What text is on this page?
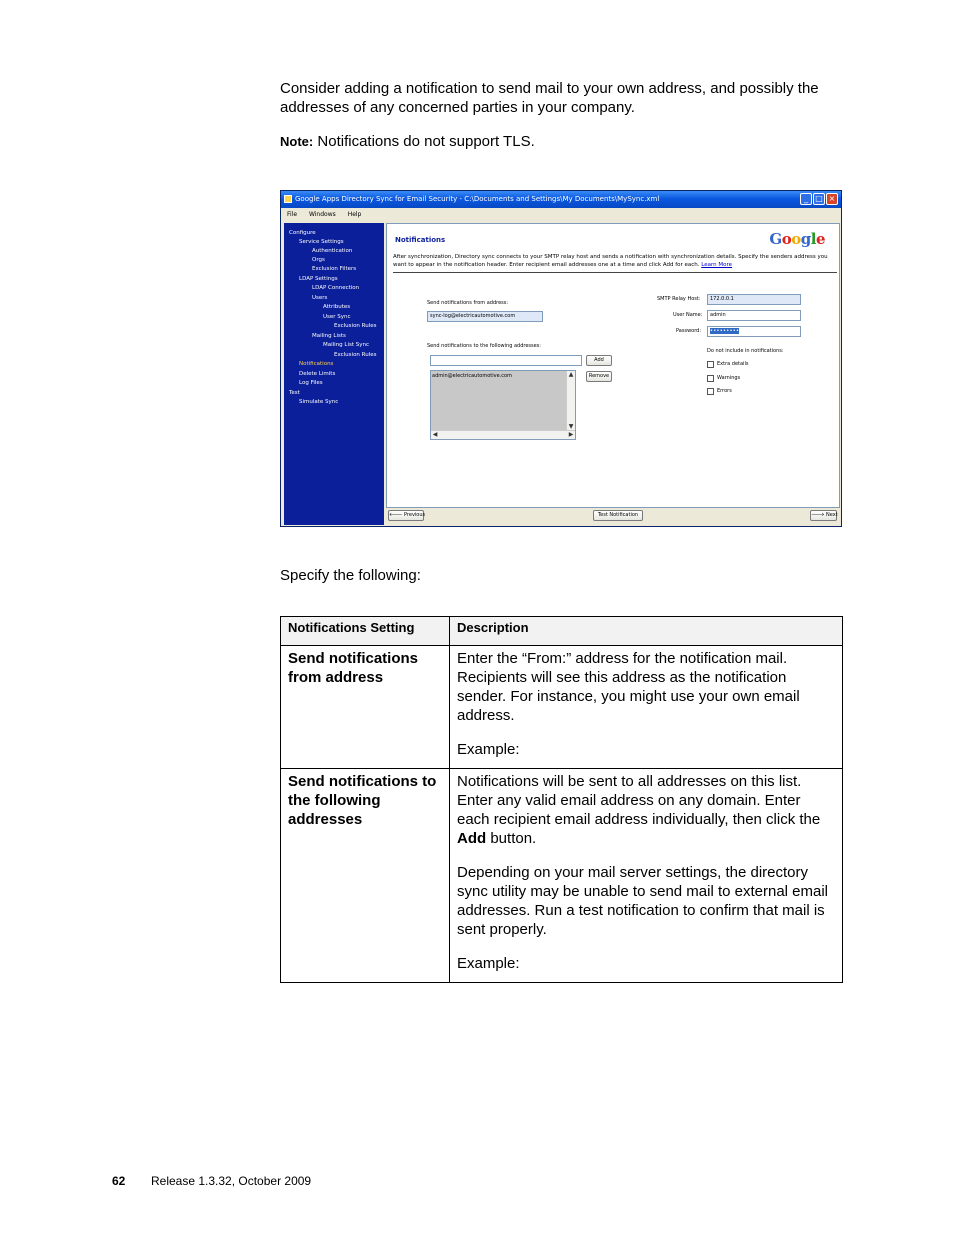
Consider adding a notification to send mail to your own address, and possibly the addresses of any concerned parties in your company.

Note: Notifications do not support TLS.

Google Apps Directory Sync for Email Security - C:\Documents and Settings\My Documents\MySync.xml	_ □ ×
File Windows Help
Configure
Service Settings
Authentication
Orgs
Exclusion Filters
LDAP Settings
LDAP Connection
Users
Attributes
User Sync
Exclusion Rules
Mailing Lists
Mailing List Sync
Exclusion Rules
Notifications
Delete Limits
Log Files
Test
Simulate Sync
Notifications	Google
After synchronization, Directory sync connects to your SMTP relay host and sends a notification with synchronization details. Specify the senders address you want to appear in the notification header. Enter recipient email addresses one at a time and click Add for each. Learn More
Send notifications from address:
sync-log@electricautomotive.com
SMTP Relay Host:	172.0.0.1
User Name:	admin
Password:	•••••••••
Send notifications to the following addresses:
Add
Remove
admin@electricautomotive.com	▲
▼
◀	▶
Do not include in notifications:
Extra details
Warnings
Errors
🡐 Previous	Test Notification	🡒 Next

Specify the following:

Notifications Setting	Description
Send notifications from address	Enter the “From:” address for the notification mail. Recipients will see this address as the notification sender. For instance, you might use your own email address.

Example:

Send notifications to the following addresses	Notifications will be sent to all addresses on this list. Enter any valid email address on any domain. Enter each recipient email address individually, then click the Add button.

Depending on your mail server settings, the directory sync utility may be unable to send mail to external email addresses. Run a test notification to confirm that mail is sent properly.

Example:

62 Release 1.3.32, October 2009
